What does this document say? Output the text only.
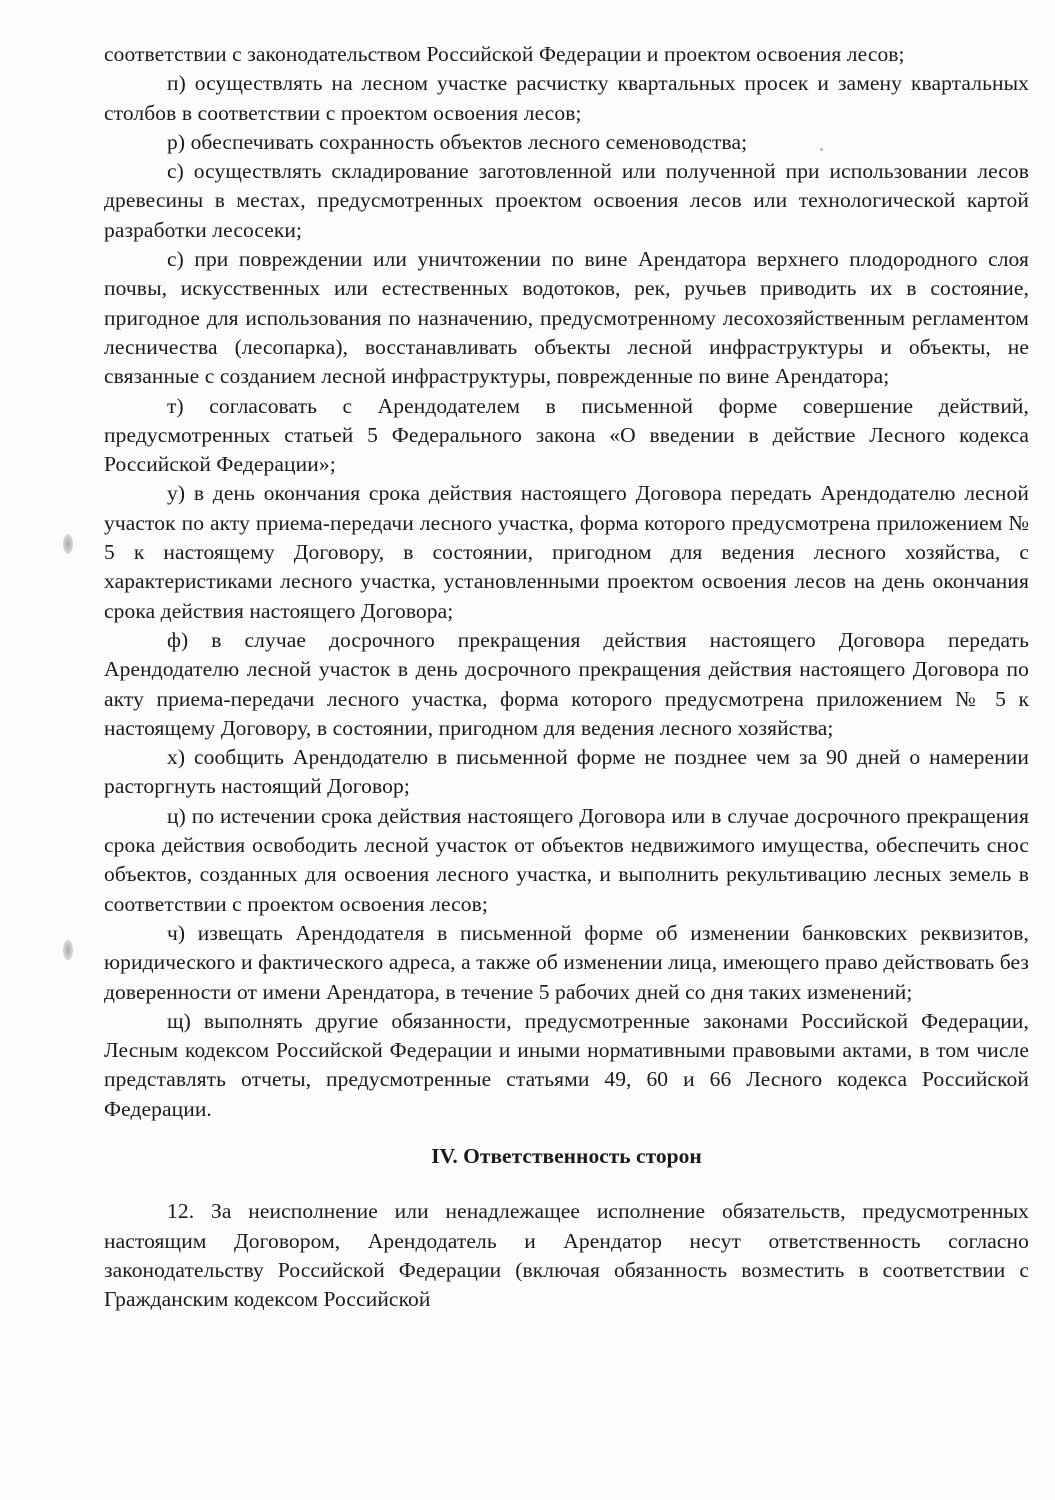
соответствии с законодательством Российской Федерации и проектом освоения лесов;

п) осуществлять на лесном участке расчистку квартальных просек и замену квартальных столбов в соответствии с проектом освоения лесов;

р) обеспечивать сохранность объектов лесного семеноводства;

с) осуществлять складирование заготовленной или полученной при использовании лесов древесины в местах, предусмотренных проектом освоения лесов или технологической картой разработки лесосеки;

с) при повреждении или уничтожении по вине Арендатора верхнего плодородного слоя почвы, искусственных или естественных водотоков, рек, ручьев приводить их в состояние, пригодное для использования по назначению, предусмотренному лесохозяйственным регламентом лесничества (лесопарка), восстанавливать объекты лесной инфраструктуры и объекты, не связанные с созданием лесной инфраструктуры, поврежденные по вине Арендатора;

т) согласовать с Арендодателем в письменной форме совершение действий, предусмотренных статьей 5 Федерального закона «О введении в действие Лесного кодекса Российской Федерации»;

у) в день окончания срока действия настоящего Договора передать Арендодателю лесной участок по акту приема-передачи лесного участка, форма которого предусмотрена приложением № 5 к настоящему Договору, в состоянии, пригодном для ведения лесного хозяйства, с характеристиками лесного участка, установленными проектом освоения лесов на день окончания срока действия настоящего Договора;

ф) в случае досрочного прекращения действия настоящего Договора передать Арендодателю лесной участок в день досрочного прекращения действия настоящего Договора по акту приема-передачи лесного участка, форма которого предусмотрена приложением № 5 к настоящему Договору, в состоянии, пригодном для ведения лесного хозяйства;

х) сообщить Арендодателю в письменной форме не позднее чем за 90 дней о намерении расторгнуть настоящий Договор;

ц) по истечении срока действия настоящего Договора или в случае досрочного прекращения срока действия освободить лесной участок от объектов недвижимого имущества, обеспечить снос объектов, созданных для освоения лесного участка, и выполнить рекультивацию лесных земель в соответствии с проектом освоения лесов;

ч) извещать Арендодателя в письменной форме об изменении банковских реквизитов, юридического и фактического адреса, а также об изменении лица, имеющего право действовать без доверенности от имени Арендатора, в течение 5 рабочих дней со дня таких изменений;

щ) выполнять другие обязанности, предусмотренные законами Российской Федерации, Лесным кодексом Российской Федерации и иными нормативными правовыми актами, в том числе представлять отчеты, предусмотренные статьями 49, 60 и 66 Лесного кодекса Российской Федерации.

IV. Ответственность сторон

12. За неисполнение или ненадлежащее исполнение обязательств, предусмотренных настоящим Договором, Арендодатель и Арендатор несут ответственность согласно законодательству Российской Федерации (включая обязанность возместить в соответствии с Гражданским кодексом Российской
